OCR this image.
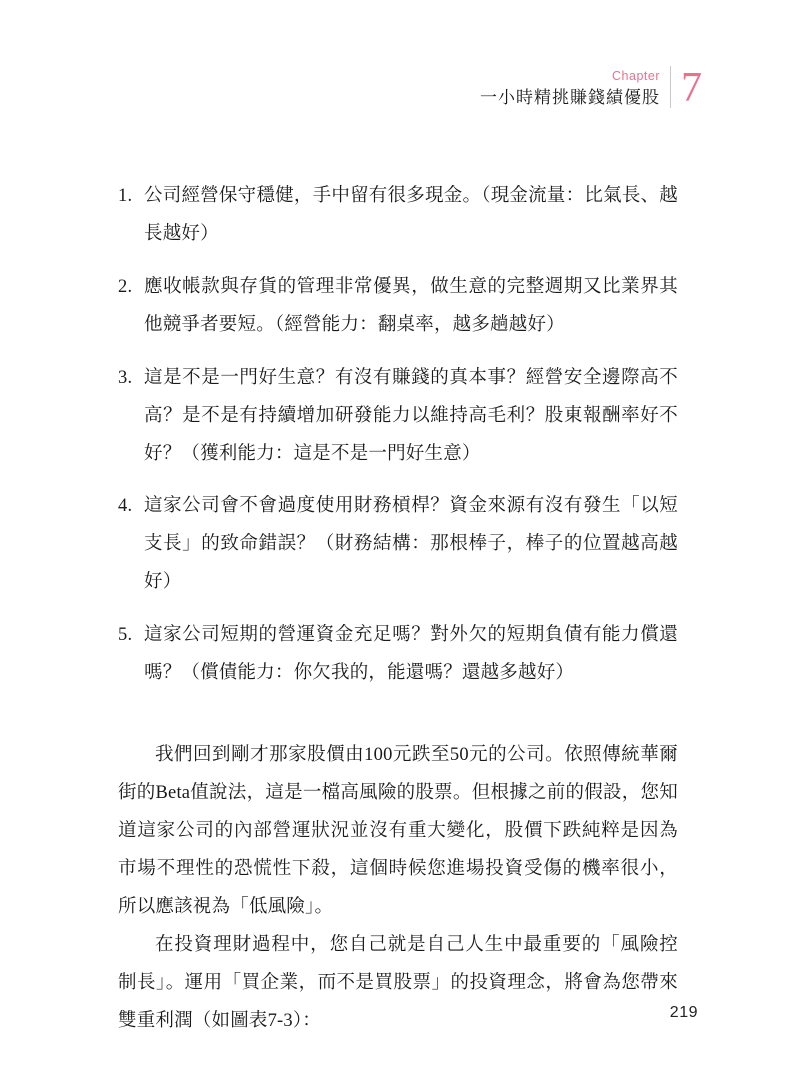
Chapter
一小時精挑賺錢績優股 7
1. 公司經營保守穩健，手中留有很多現金。（現金流量：比氣長、越長越好）
2. 應收帳款與存貨的管理非常優異，做生意的完整週期又比業界其他競爭者要短。（經營能力：翻桌率，越多趟越好）
3. 這是不是一門好生意？有沒有賺錢的真本事？經營安全邊際高不高？是不是有持續增加研發能力以維持高毛利？股東報酬率好不好？（獲利能力：這是不是一門好生意）
4. 這家公司會不會過度使用財務槓桿？資金來源有沒有發生「以短支長」的致命錯誤？（財務結構：那根棒子，棒子的位置越高越好）
5. 這家公司短期的營運資金充足嗎？對外欠的短期負債有能力償還嗎？（償債能力：你欠我的，能還嗎？還越多越好）

我們回到剛才那家股價由100元跌至50元的公司。依照傳統華爾街的Beta值說法，這是一檔高風險的股票。但根據之前的假設，您知道這家公司的內部營運狀況並沒有重大變化，股價下跌純粹是因為市場不理性的恐慌性下殺，這個時候您進場投資受傷的機率很小，所以應該視為「低風險」。

在投資理財過程中，您自己就是自己人生中最重要的「風險控制長」。運用「買企業，而不是買股票」的投資理念，將會為您帶來雙重利潤（如圖表7-3）：	219
